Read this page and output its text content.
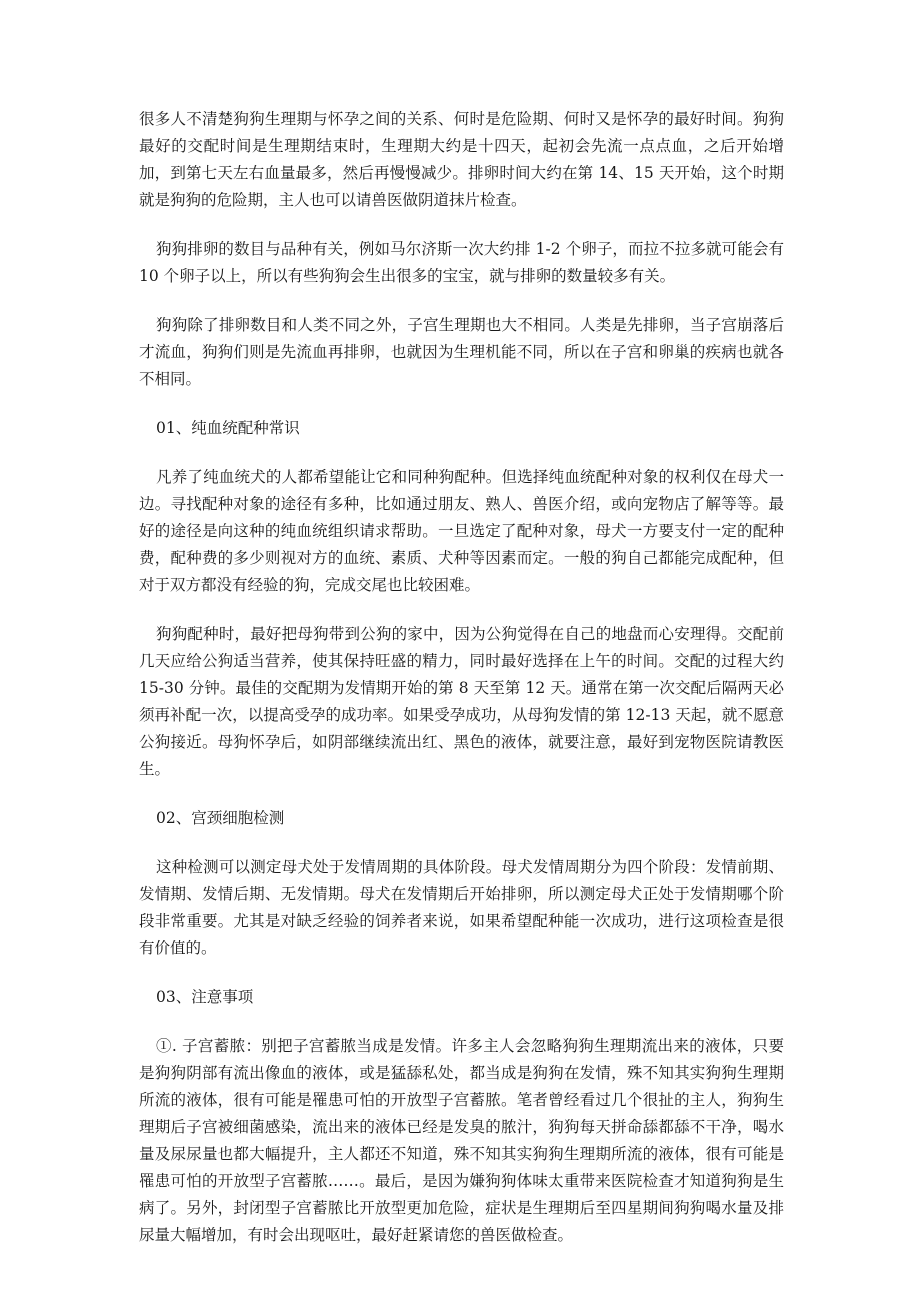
很多人不清楚狗狗生理期与怀孕之间的关系、何时是危险期、何时又是怀孕的最好时间。狗狗最好的交配时间是生理期结束时，生理期大约是十四天，起初会先流一点点血，之后开始增加，到第七天左右血量最多，然后再慢慢减少。排卵时间大约在第 14、15 天开始，这个时期就是狗狗的危险期，主人也可以请兽医做阴道抹片检查。

狗狗排卵的数目与品种有关，例如马尔济斯一次大约排 1-2 个卵子，而拉不拉多就可能会有 10 个卵子以上，所以有些狗狗会生出很多的宝宝，就与排卵的数量较多有关。

狗狗除了排卵数目和人类不同之外，子宫生理期也大不相同。人类是先排卵，当子宫崩落后才流血，狗狗们则是先流血再排卵，也就因为生理机能不同，所以在子宫和卵巢的疾病也就各不相同。

01、纯血统配种常识

凡养了纯血统犬的人都希望能让它和同种狗配种。但选择纯血统配种对象的权利仅在母犬一边。寻找配种对象的途径有多种，比如通过朋友、熟人、兽医介绍，或向宠物店了解等等。最好的途径是向这种的纯血统组织请求帮助。一旦选定了配种对象，母犬一方要支付一定的配种费，配种费的多少则视对方的血统、素质、犬种等因素而定。一般的狗自己都能完成配种，但对于双方都没有经验的狗，完成交尾也比较困难。

狗狗配种时，最好把母狗带到公狗的家中，因为公狗觉得在自己的地盘而心安理得。交配前几天应给公狗适当营养，使其保持旺盛的精力，同时最好选择在上午的时间。交配的过程大约 15-30 分钟。最佳的交配期为发情期开始的第 8 天至第 12 天。通常在第一次交配后隔两天必须再补配一次，以提高受孕的成功率。如果受孕成功，从母狗发情的第 12-13 天起，就不愿意公狗接近。母狗怀孕后，如阴部继续流出红、黑色的液体，就要注意，最好到宠物医院请教医生。

02、宫颈细胞检测

这种检测可以测定母犬处于发情周期的具体阶段。母犬发情周期分为四个阶段：发情前期、发情期、发情后期、无发情期。母犬在发情期后开始排卵，所以测定母犬正处于发情期哪个阶段非常重要。尤其是对缺乏经验的饲养者来说，如果希望配种能一次成功，进行这项检查是很有价值的。

03、注意事项

①. 子宫蓄脓：别把子宫蓄脓当成是发情。许多主人会忽略狗狗生理期流出来的液体，只要是狗狗阴部有流出像血的液体，或是猛舔私处，都当成是狗狗在发情，殊不知其实狗狗生理期所流的液体，很有可能是罹患可怕的开放型子宫蓄脓。笔者曾经看过几个很扯的主人，狗狗生理期后子宫被细菌感染，流出来的液体已经是发臭的脓汁，狗狗每天拼命舔都舔不干净，喝水量及尿尿量也都大幅提升，主人都还不知道，殊不知其实狗狗生理期所流的液体，很有可能是罹患可怕的开放型子宫蓄脓……。最后，是因为嫌狗狗体味太重带来医院检查才知道狗狗是生病了。另外，封闭型子宫蓄脓比开放型更加危险，症状是生理期后至四星期间狗狗喝水量及排尿量大幅增加，有时会出现呕吐，最好赶紧请您的兽医做检查。
